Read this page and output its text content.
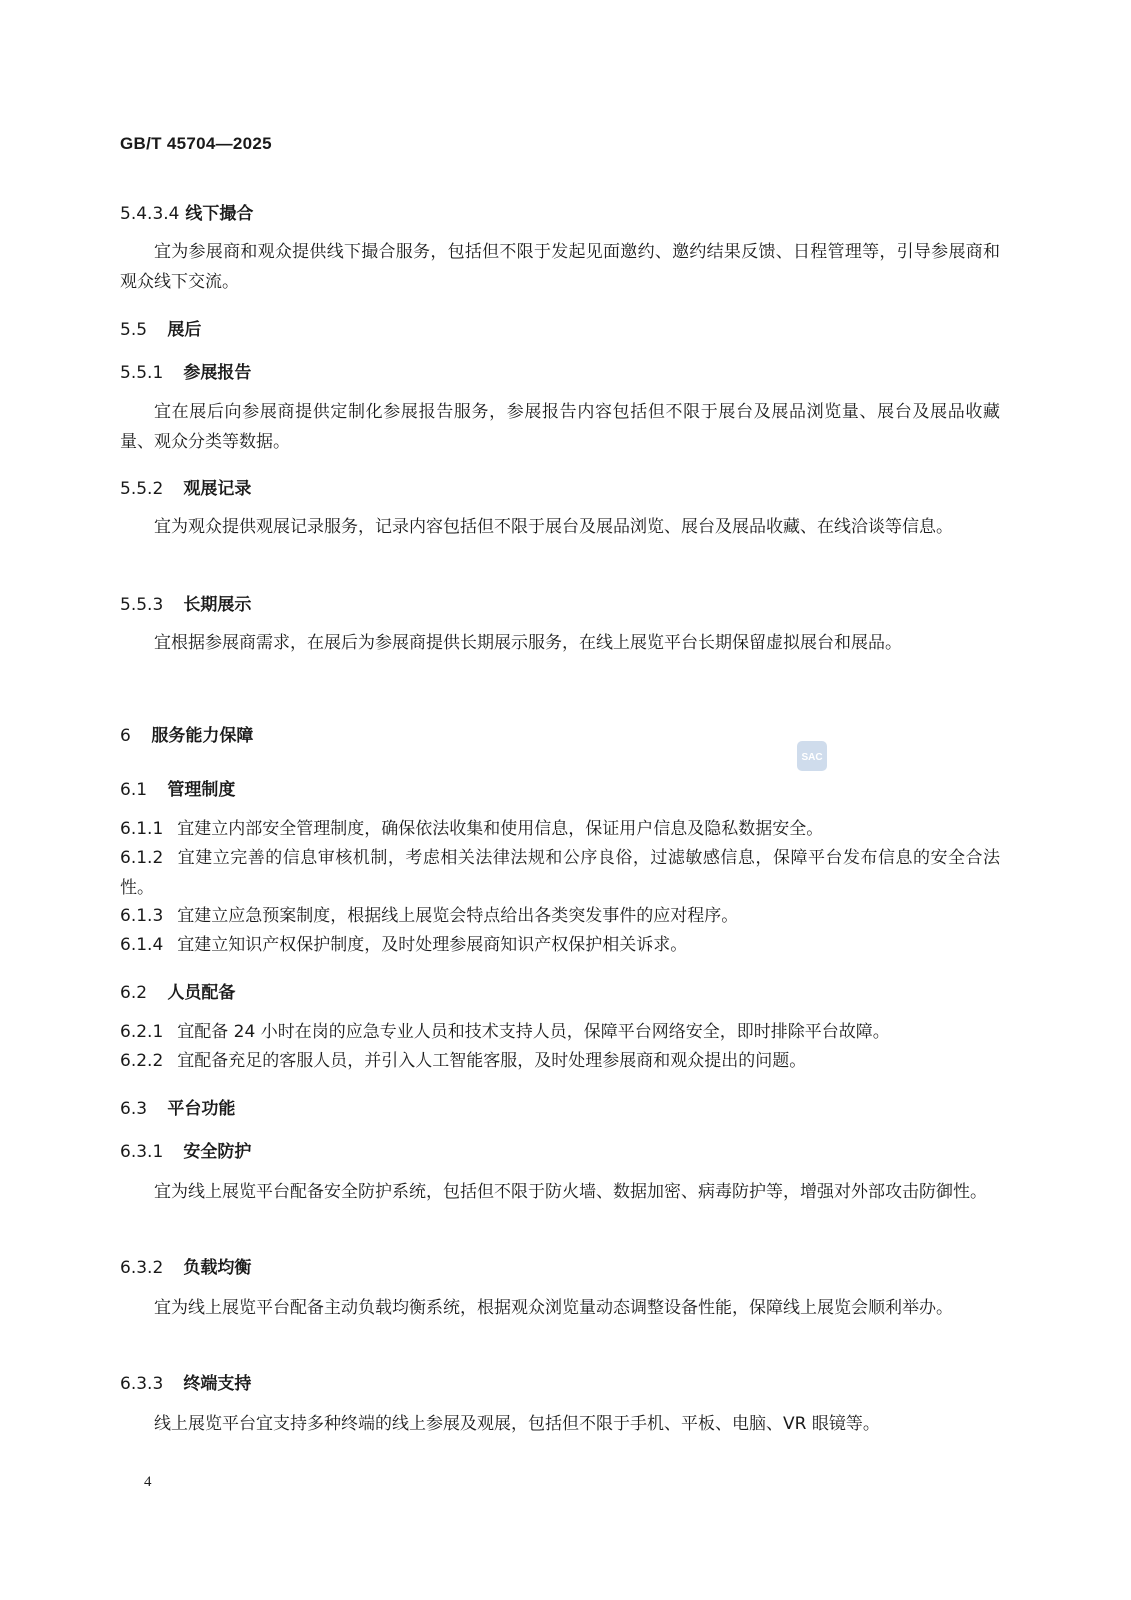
GB/T 45704—2025
5.4.3.4 线下撮合
宜为参展商和观众提供线下撮合服务，包括但不限于发起见面邀约、邀约结果反馈、日程管理等，引导参展商和观众线下交流。
5.5 展后
5.5.1 参展报告
宜在展后向参展商提供定制化参展报告服务，参展报告内容包括但不限于展台及展品浏览量、展台及展品收藏量、观众分类等数据。
5.5.2 观展记录
宜为观众提供观展记录服务，记录内容包括但不限于展台及展品浏览、展台及展品收藏、在线洽谈等信息。
5.5.3 长期展示
宜根据参展商需求，在展后为参展商提供长期展示服务，在线上展览平台长期保留虚拟展台和展品。
6 服务能力保障
6.1 管理制度
6.1.1 宜建立内部安全管理制度，确保依法收集和使用信息，保证用户信息及隐私数据安全。
6.1.2 宜建立完善的信息审核机制，考虑相关法律法规和公序良俗，过滤敏感信息，保障平台发布信息的安全合法性。
6.1.3 宜建立应急预案制度，根据线上展览会特点给出各类突发事件的应对程序。
6.1.4 宜建立知识产权保护制度，及时处理参展商知识产权保护相关诉求。
6.2 人员配备
6.2.1 宜配备 24 小时在岗的应急专业人员和技术支持人员，保障平台网络安全，即时排除平台故障。
6.2.2 宜配备充足的客服人员，并引入人工智能客服，及时处理参展商和观众提出的问题。
6.3 平台功能
6.3.1 安全防护
宜为线上展览平台配备安全防护系统，包括但不限于防火墙、数据加密、病毒防护等，增强对外部攻击防御性。
6.3.2 负载均衡
宜为线上展览平台配备主动负载均衡系统，根据观众浏览量动态调整设备性能，保障线上展览会顺利举办。
6.3.3 终端支持
线上展览平台宜支持多种终端的线上参展及观展，包括但不限于手机、平板、电脑、VR 眼镜等。
SAC
4
